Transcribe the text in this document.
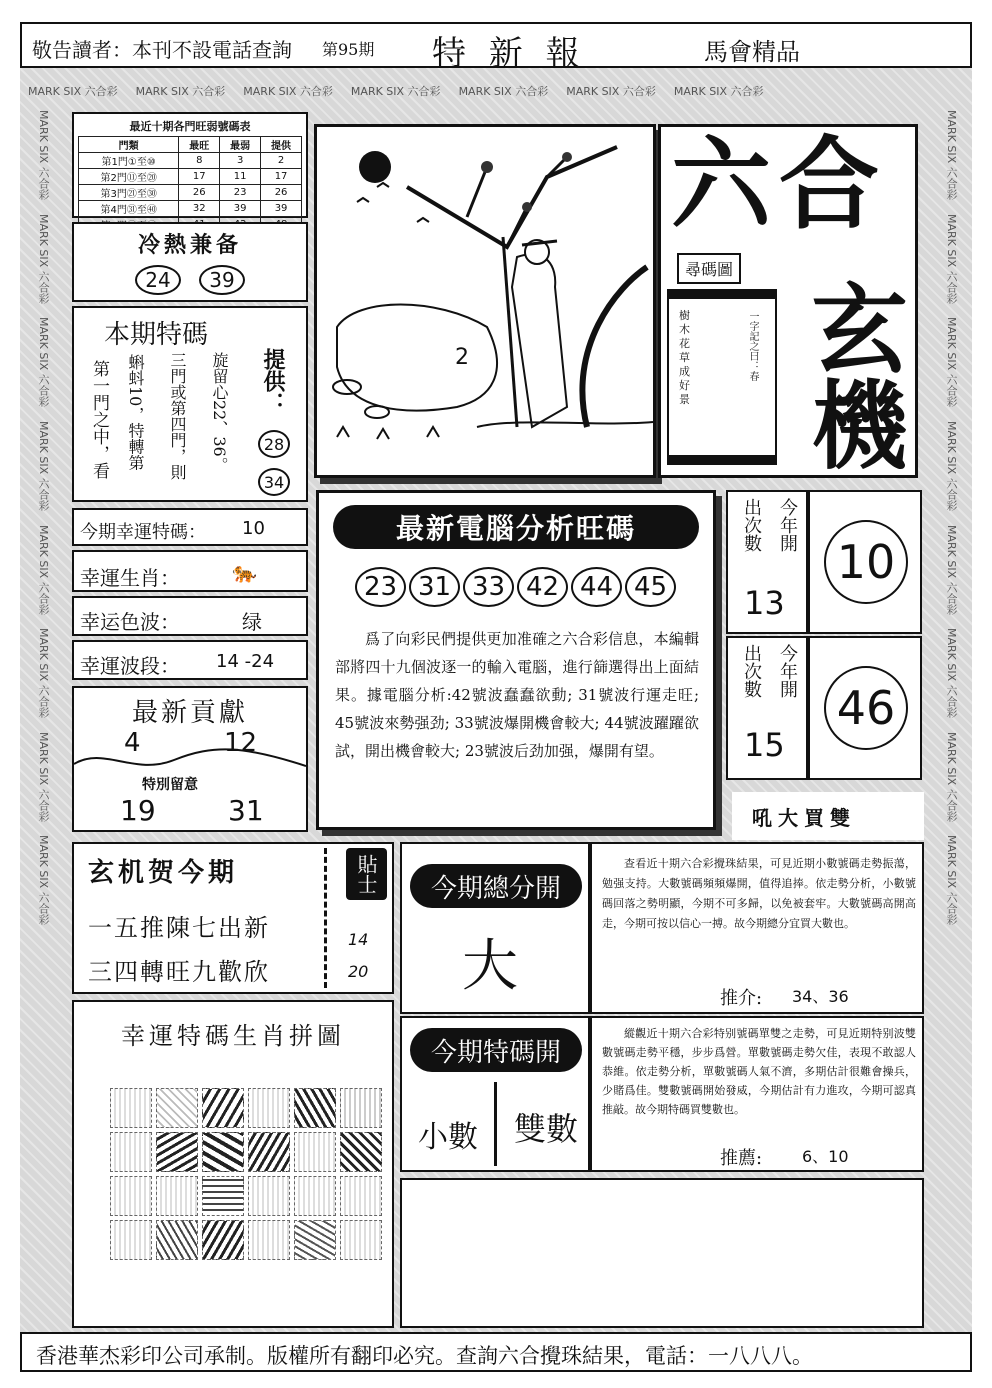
MARK SIX 六合彩 MARK SIX 六合彩 MARK SIX 六合彩 MARK SIX 六合彩 MARK SIX 六合彩 MARK SIX 六合彩 MARK SIX 六合彩
MARK SIX 六合彩
MARK SIX 六合彩
MARK SIX 六合彩
MARK SIX 六合彩
MARK SIX 六合彩
MARK SIX 六合彩
MARK SIX 六合彩
MARK SIX 六合彩
MARK SIX 六合彩
MARK SIX 六合彩
MARK SIX 六合彩
MARK SIX 六合彩
MARK SIX 六合彩
MARK SIX 六合彩
MARK SIX 六合彩
MARK SIX 六合彩
敬告讀者：本刊不設電話查詢 第95期 特 新 報	馬會精品
最近十期各門旺弱號碼表
門類	最旺	最弱	提供
第1門①至⑩	8	3	2
第2門⑪至⑳	17	11	17
第3門㉑至㉚	26	23	26
第4門㉛至㊵	32	39	39

冷熱兼备
24	39
本期特碼
第一門之中，看 蝌蚪10，特轉第 三門或第四門，則 旋留心22、36。 提供：
28
34
今期幸運特碼： 10
幸運生肖：	🐅
幸运色波：	绿
幸運波段： 14 -24
最新貢獻
4	12
特別留意
19	31
2
六合
玄機
尋碼圖
樹
木
花
草
成
好
景
一字記之曰：春
最新電腦分析旺碼
23 31 33 42 44 45

爲了向彩民們提供更加准確之六合彩信息，本編輯部將四十九個波逐一的輸入電腦，進行篩選得出上面結果。據電腦分析:42號波蠢蠢欲動; 31號波行運走旺; 45號波來勢强劲; 33號波爆開機會較大; 44號波躍躍欲試，開出機會較大; 23號波后劲加强，爆開有望。

出次數 今年開
13
10
出次數 今年開
15
46
吼大買雙
玄机贺今期
一五推陳七出新
三四轉旺九歡欣
貼士
14
20
今期總分開
大

查看近十期六合彩攪珠結果，可見近期小數號碼走勢振蕩，勉强支持。大數號碼頻頻爆開，值得追捧。依走勢分析，小數號碼回落之勢明顯，今期不可多歸，以免被套牢。大數號碼高開高走，今期可按以信心一搏。故今期總分宜買大數也。

推介: 34、36
今期特碼開
小數 雙數

縱觀近十期六合彩特别號碼單雙之走勢，可見近期特别波雙數號碼走勢平穩，步步爲營。單數號碼走勢欠佳，表現不敢認人恭維。依走勢分析，單數號碼人氣不濟，多期估計很難會操兵，少賭爲佳。雙數號碼開始發威，今期估計有力進攻，今期可認真推敲。故今期特碼買雙數也。

推薦: 6、10
幸運特碼生肖拼圖
香港華杰彩印公司承制。版權所有翻印必究。查詢六合攪珠結果，電話：一八八八。
